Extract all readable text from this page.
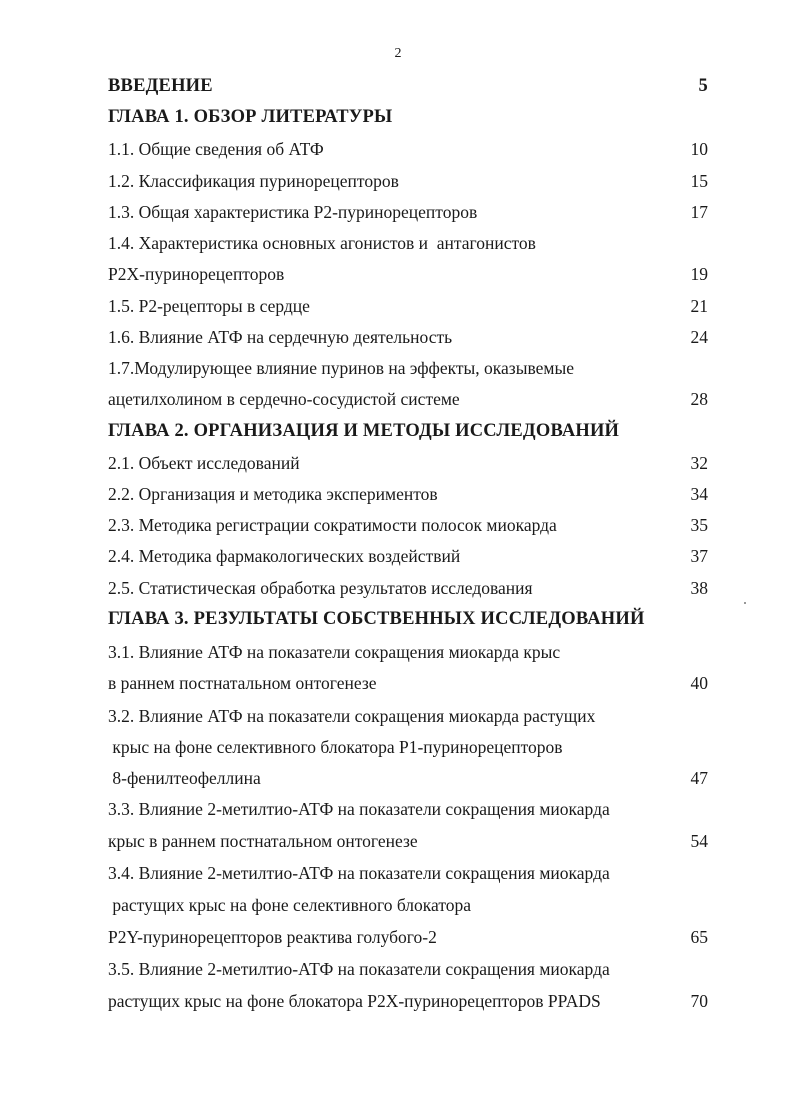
2
ВВЕДЕНИЕ	5
ГЛАВА 1. ОБЗОР ЛИТЕРАТУРЫ
1.1. Общие сведения об АТФ	10
1.2. Классификация пуринорецепторов	15
1.3. Общая характеристика Р2-пуринорецепторов	17
1.4. Характеристика основных агонистов и  антагонистов
Р2Х-пуринорецепторов	19
1.5. Р2-рецепторы в сердце	21
1.6. Влияние АТФ на сердечную деятельность	24
1.7.Модулирующее влияние пуринов на эффекты, оказывемые
ацетилхолином в сердечно-сосудистой системе	28
ГЛАВА 2. ОРГАНИЗАЦИЯ И МЕТОДЫ ИССЛЕДОВАНИЙ
2.1. Объект исследований	32
2.2. Организация и методика экспериментов	34
2.3. Методика регистрации сократимости полосок миокарда	35
2.4. Методика фармакологических воздействий	37
2.5. Статистическая обработка результатов исследования	38
ГЛАВА 3. РЕЗУЛЬТАТЫ СОБСТВЕННЫХ ИССЛЕДОВАНИЙ
3.1. Влияние АТФ на показатели сокращения миокарда крыс
в раннем постнатальном онтогенезе	40
3.2. Влияние АТФ на показатели сокращения миокарда растущих
крыс на фоне селективного блокатора Р1-пуринорецепторов
8-фенилтеофеллина	47
3.3. Влияние 2-метилтио-АТФ на показатели сокращения миокарда
крыс в раннем постнатальном онтогенезе	54
3.4. Влияние 2-метилтио-АТФ на показатели сокращения миокарда
растущих крыс на фоне селективного блокатора
Р2Y-пуринорецепторов реактива голубого-2	65
3.5. Влияние 2-метилтио-АТФ на показатели сокращения миокарда
растущих крыс на фоне блокатора Р2Х-пуринорецепторов PPADS	70
